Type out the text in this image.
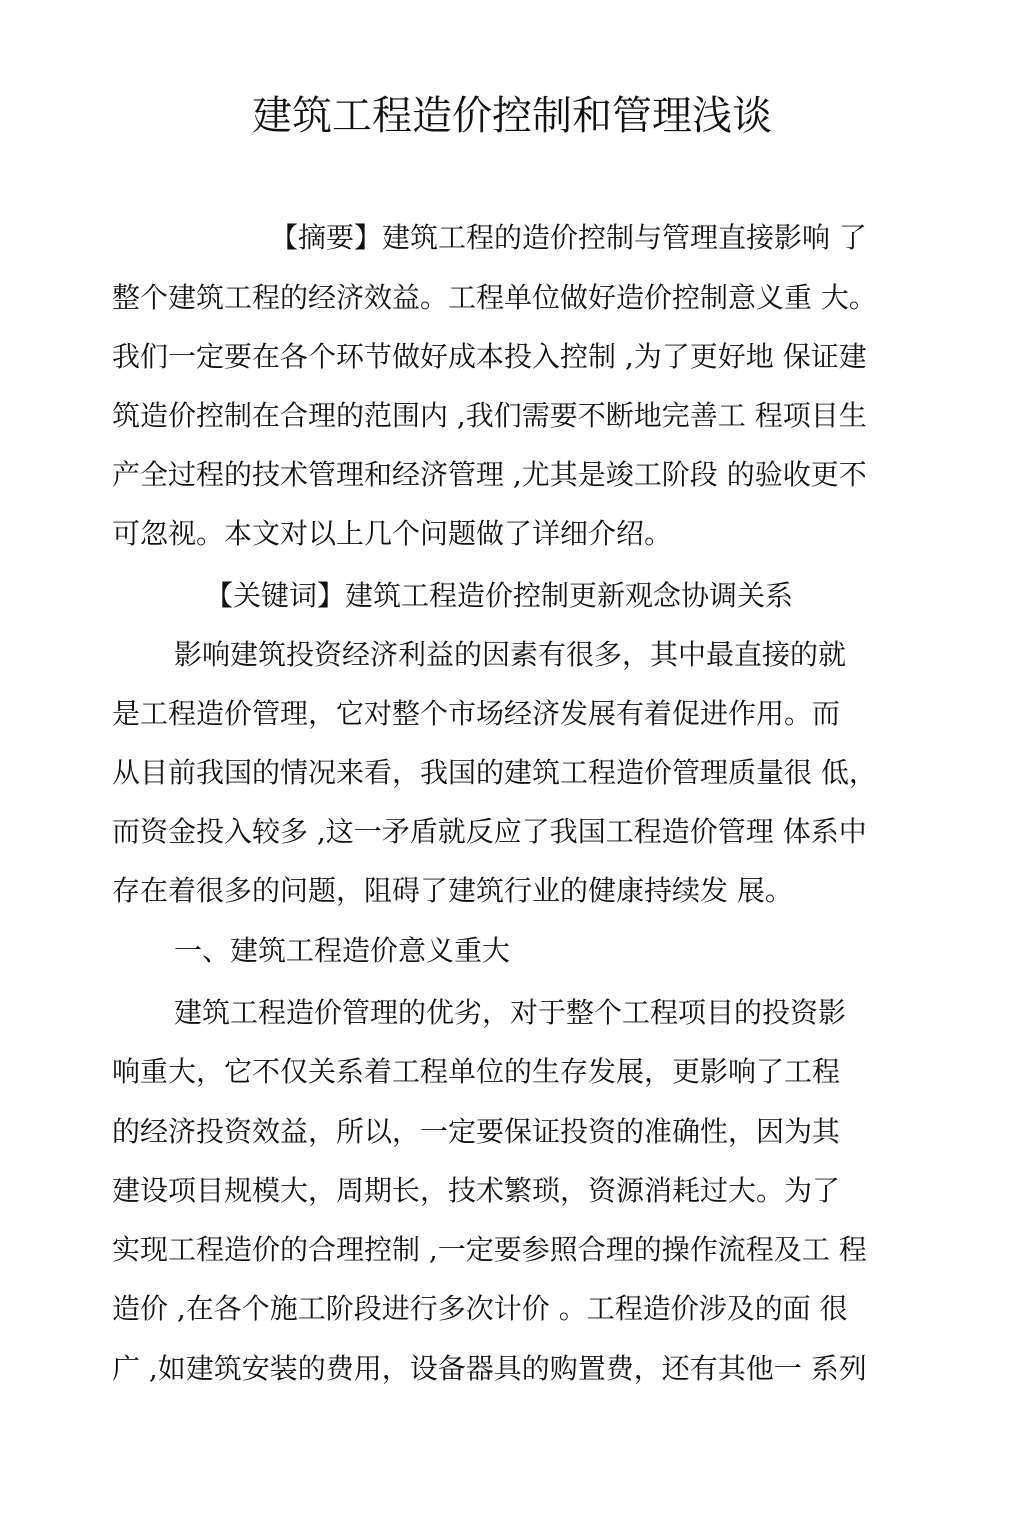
建筑工程造价控制和管理浅谈

【摘要】建筑工程的造价控制与管理直接影响 了

整个建筑工程的经济效益。工程单位做好造价控制意义重 大。

我们一定要在各个环节做好成本投入控制 ,为了更好地 保证建

筑造价控制在合理的范围内 ,我们需要不断地完善工 程项目生

产全过程的技术管理和经济管理 ,尤其是竣工阶段 的验收更不

可忽视。本文对以上几个问题做了详细介绍。

【关键词】建筑工程造价控制更新观念协调关系

影响建筑投资经济利益的因素有很多，其中最直接的就

是工程造价管理，它对整个市场经济发展有着促进作用。而

从目前我国的情况来看，我国的建筑工程造价管理质量很 低，

而资金投入较多 ,这一矛盾就反应了我国工程造价管理 体系中

存在着很多的问题，阻碍了建筑行业的健康持续发 展。

一、建筑工程造价意义重大

建筑工程造价管理的优劣，对于整个工程项目的投资影

响重大，它不仅关系着工程单位的生存发展，更影响了工程

的经济投资效益，所以，一定要保证投资的准确性，因为其

建设项目规模大，周期长，技术繁琐，资源消耗过大。为了

实现工程造价的合理控制 ,一定要参照合理的操作流程及工 程

造价 ,在各个施工阶段进行多次计价 。工程造价涉及的面 很

广 ,如建筑安装的费用，设备器具的购置费，还有其他一 系列
